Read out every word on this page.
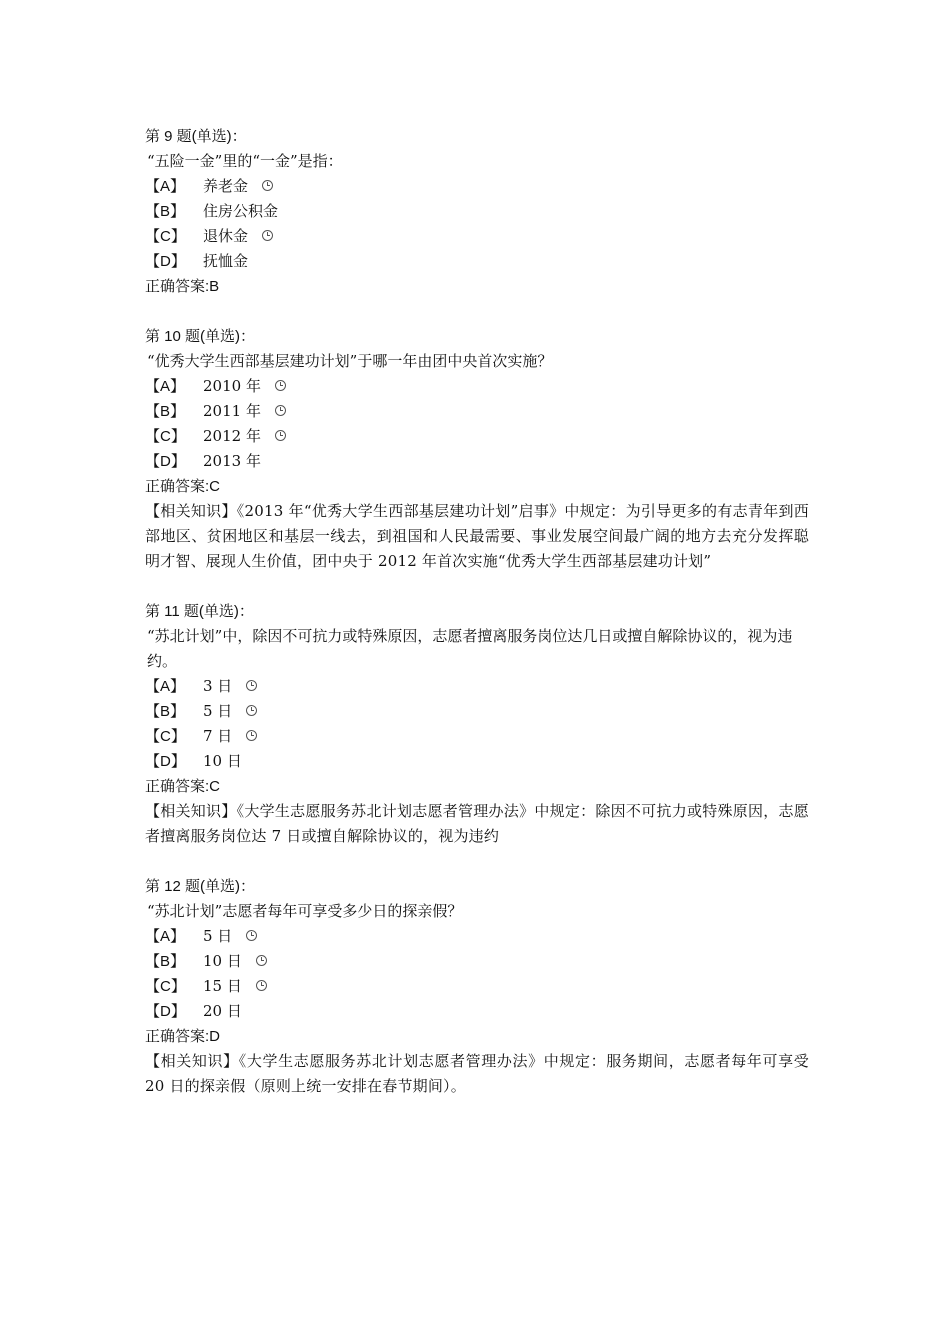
第 9 题(单选)：
“五险一金”里的“一金”是指：
【A】	养老金
【B】	住房公积金
【C】	退休金
【D】	抚恤金
正确答案:B
第 10 题(单选)：
“优秀大学生西部基层建功计划”于哪一年由团中央首次实施？
【A】	2010 年
【B】	2011 年
【C】	2012 年
【D】	2013 年
正确答案:C
【相关知识】《2013 年“优秀大学生西部基层建功计划”启事》中规定：为引导更多的有志青年到西部地区、贫困地区和基层一线去，到祖国和人民最需要、事业发展空间最广阔的地方去充分发挥聪明才智、展现人生价值，团中央于 2012 年首次实施“优秀大学生西部基层建功计划”
第 11 题(单选)：
“苏北计划”中，除因不可抗力或特殊原因，志愿者擅离服务岗位达几日或擅自解除协议的，视为违约。
【A】	3 日
【B】	5 日
【C】	7 日
【D】	10 日
正确答案:C
【相关知识】《大学生志愿服务苏北计划志愿者管理办法》中规定：除因不可抗力或特殊原因，志愿者擅离服务岗位达 7 日或擅自解除协议的，视为违约
第 12 题(单选)：
“苏北计划”志愿者每年可享受多少日的探亲假？
【A】	5 日
【B】	10 日
【C】	15 日
【D】	20 日
正确答案:D
【相关知识】《大学生志愿服务苏北计划志愿者管理办法》中规定：服务期间，志愿者每年可享受 20 日的探亲假（原则上统一安排在春节期间）。
